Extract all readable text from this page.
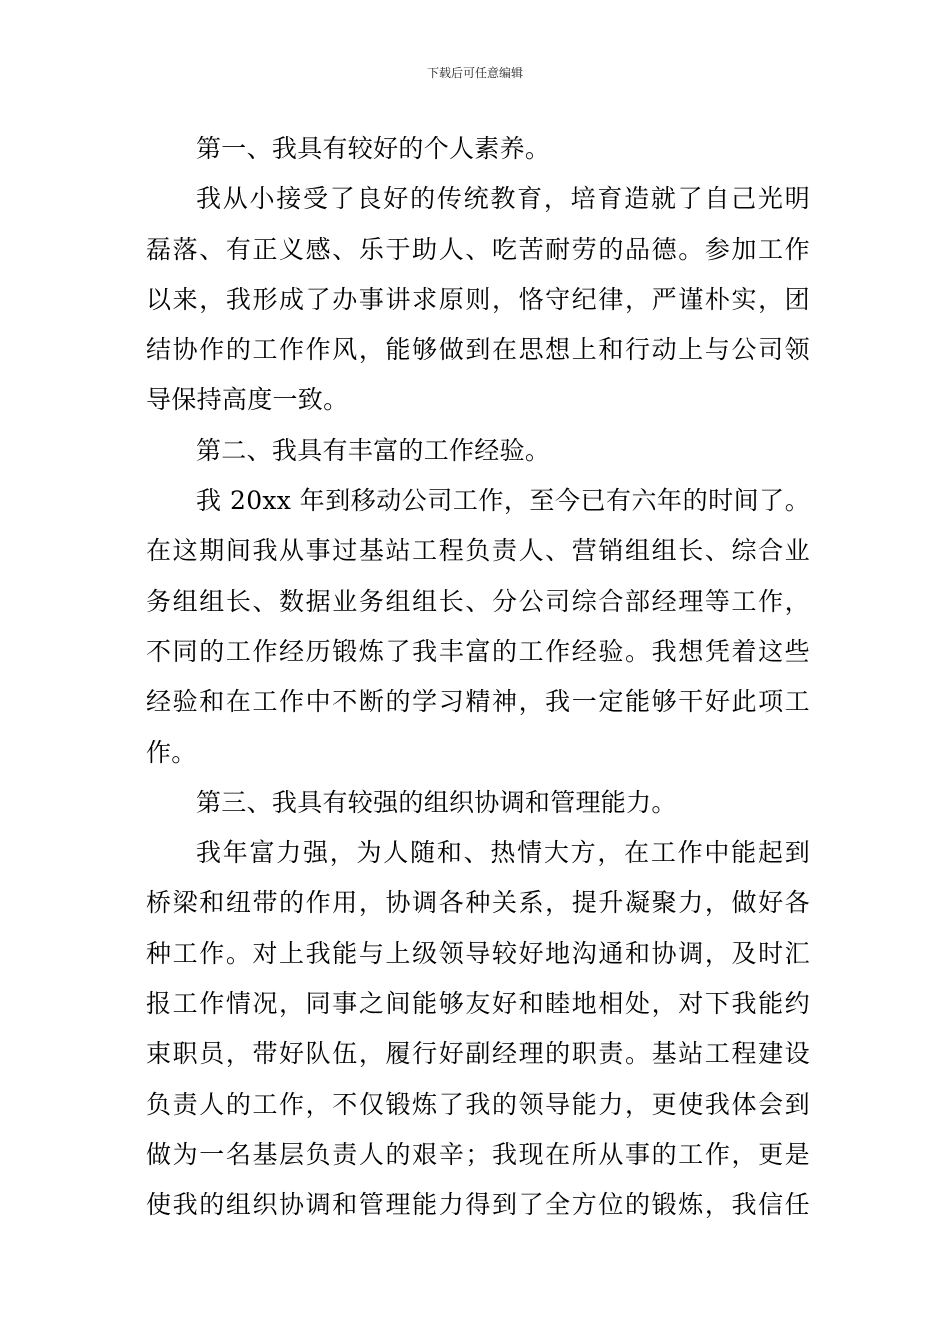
下载后可任意编辑
第一、我具有较好的个人素养。
我从小接受了良好的传统教育，培育造就了自己光明
磊落、有正义感、乐于助人、吃苦耐劳的品德。参加工作
以来，我形成了办事讲求原则，恪守纪律，严谨朴实，团
结协作的工作作风，能够做到在思想上和行动上与公司领
导保持高度一致。
第二、我具有丰富的工作经验。
我 20xx 年到移动公司工作，至今已有六年的时间了。
在这期间我从事过基站工程负责人、营销组组长、综合业
务组组长、数据业务组组长、分公司综合部经理等工作，
不同的工作经历锻炼了我丰富的工作经验。我想凭着这些
经验和在工作中不断的学习精神，我一定能够干好此项工
作。
第三、我具有较强的组织协调和管理能力。
我年富力强，为人随和、热情大方，在工作中能起到
桥梁和纽带的作用，协调各种关系，提升凝聚力，做好各
种工作。对上我能与上级领导较好地沟通和协调，及时汇
报工作情况，同事之间能够友好和睦地相处，对下我能约
束职员，带好队伍，履行好副经理的职责。基站工程建设
负责人的工作，不仅锻炼了我的领导能力，更使我体会到
做为一名基层负责人的艰辛；我现在所从事的工作，更是
使我的组织协调和管理能力得到了全方位的锻炼，我信任
